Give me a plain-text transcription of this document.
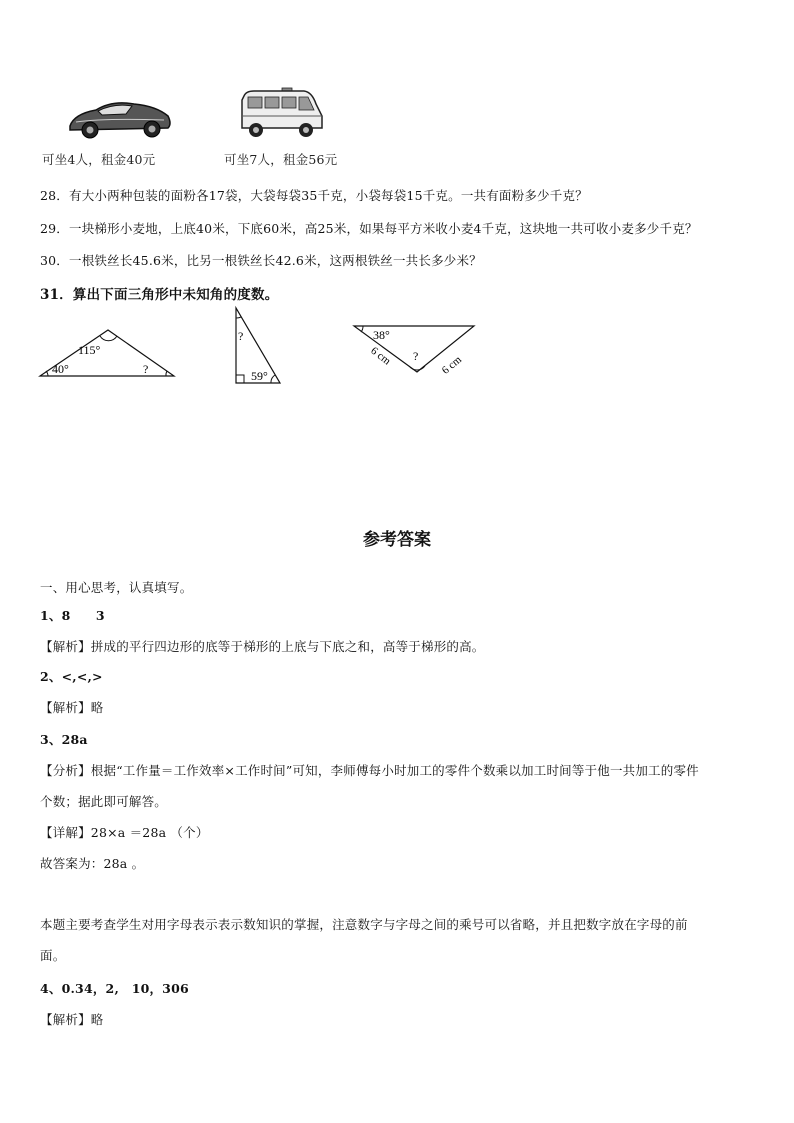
可坐4人，租金40元	可坐7人，租金56元
28．有大小两种包装的面粉各17袋，大袋每袋35千克，小袋每袋15千克。一共有面粉多少千克？
29．一块梯形小麦地，上底40米，下底60米，高25米，如果每平方米收小麦4千克，这块地一共可收小麦多少千克？
30．一根铁丝长45.6米，比另一根铁丝长42.6米，这两根铁丝一共长多少米？
31．算出下面三角形中未知角的度数。
115°
40°	?
?
59°
38°
?
6 cm	6 cm
参考答案
一、用心思考，认真填写。
1、8　　3
【解析】拼成的平行四边形的底等于梯形的上底与下底之和，高等于梯形的高。
2、<,<,>
【解析】略
3、28a
【分析】根据“工作量＝工作效率×工作时间”可知，李师傅每小时加工的零件个数乘以加工时间等于他一共加工的零件
个数；据此即可解答。
【详解】28×a ＝28a （个）
故答案为：28a 。
本题主要考查学生对用字母表示表示数知识的掌握，注意数字与字母之间的乘号可以省略，并且把数字放在字母的前
面。
4、0.34，2,　10，306
【解析】略
